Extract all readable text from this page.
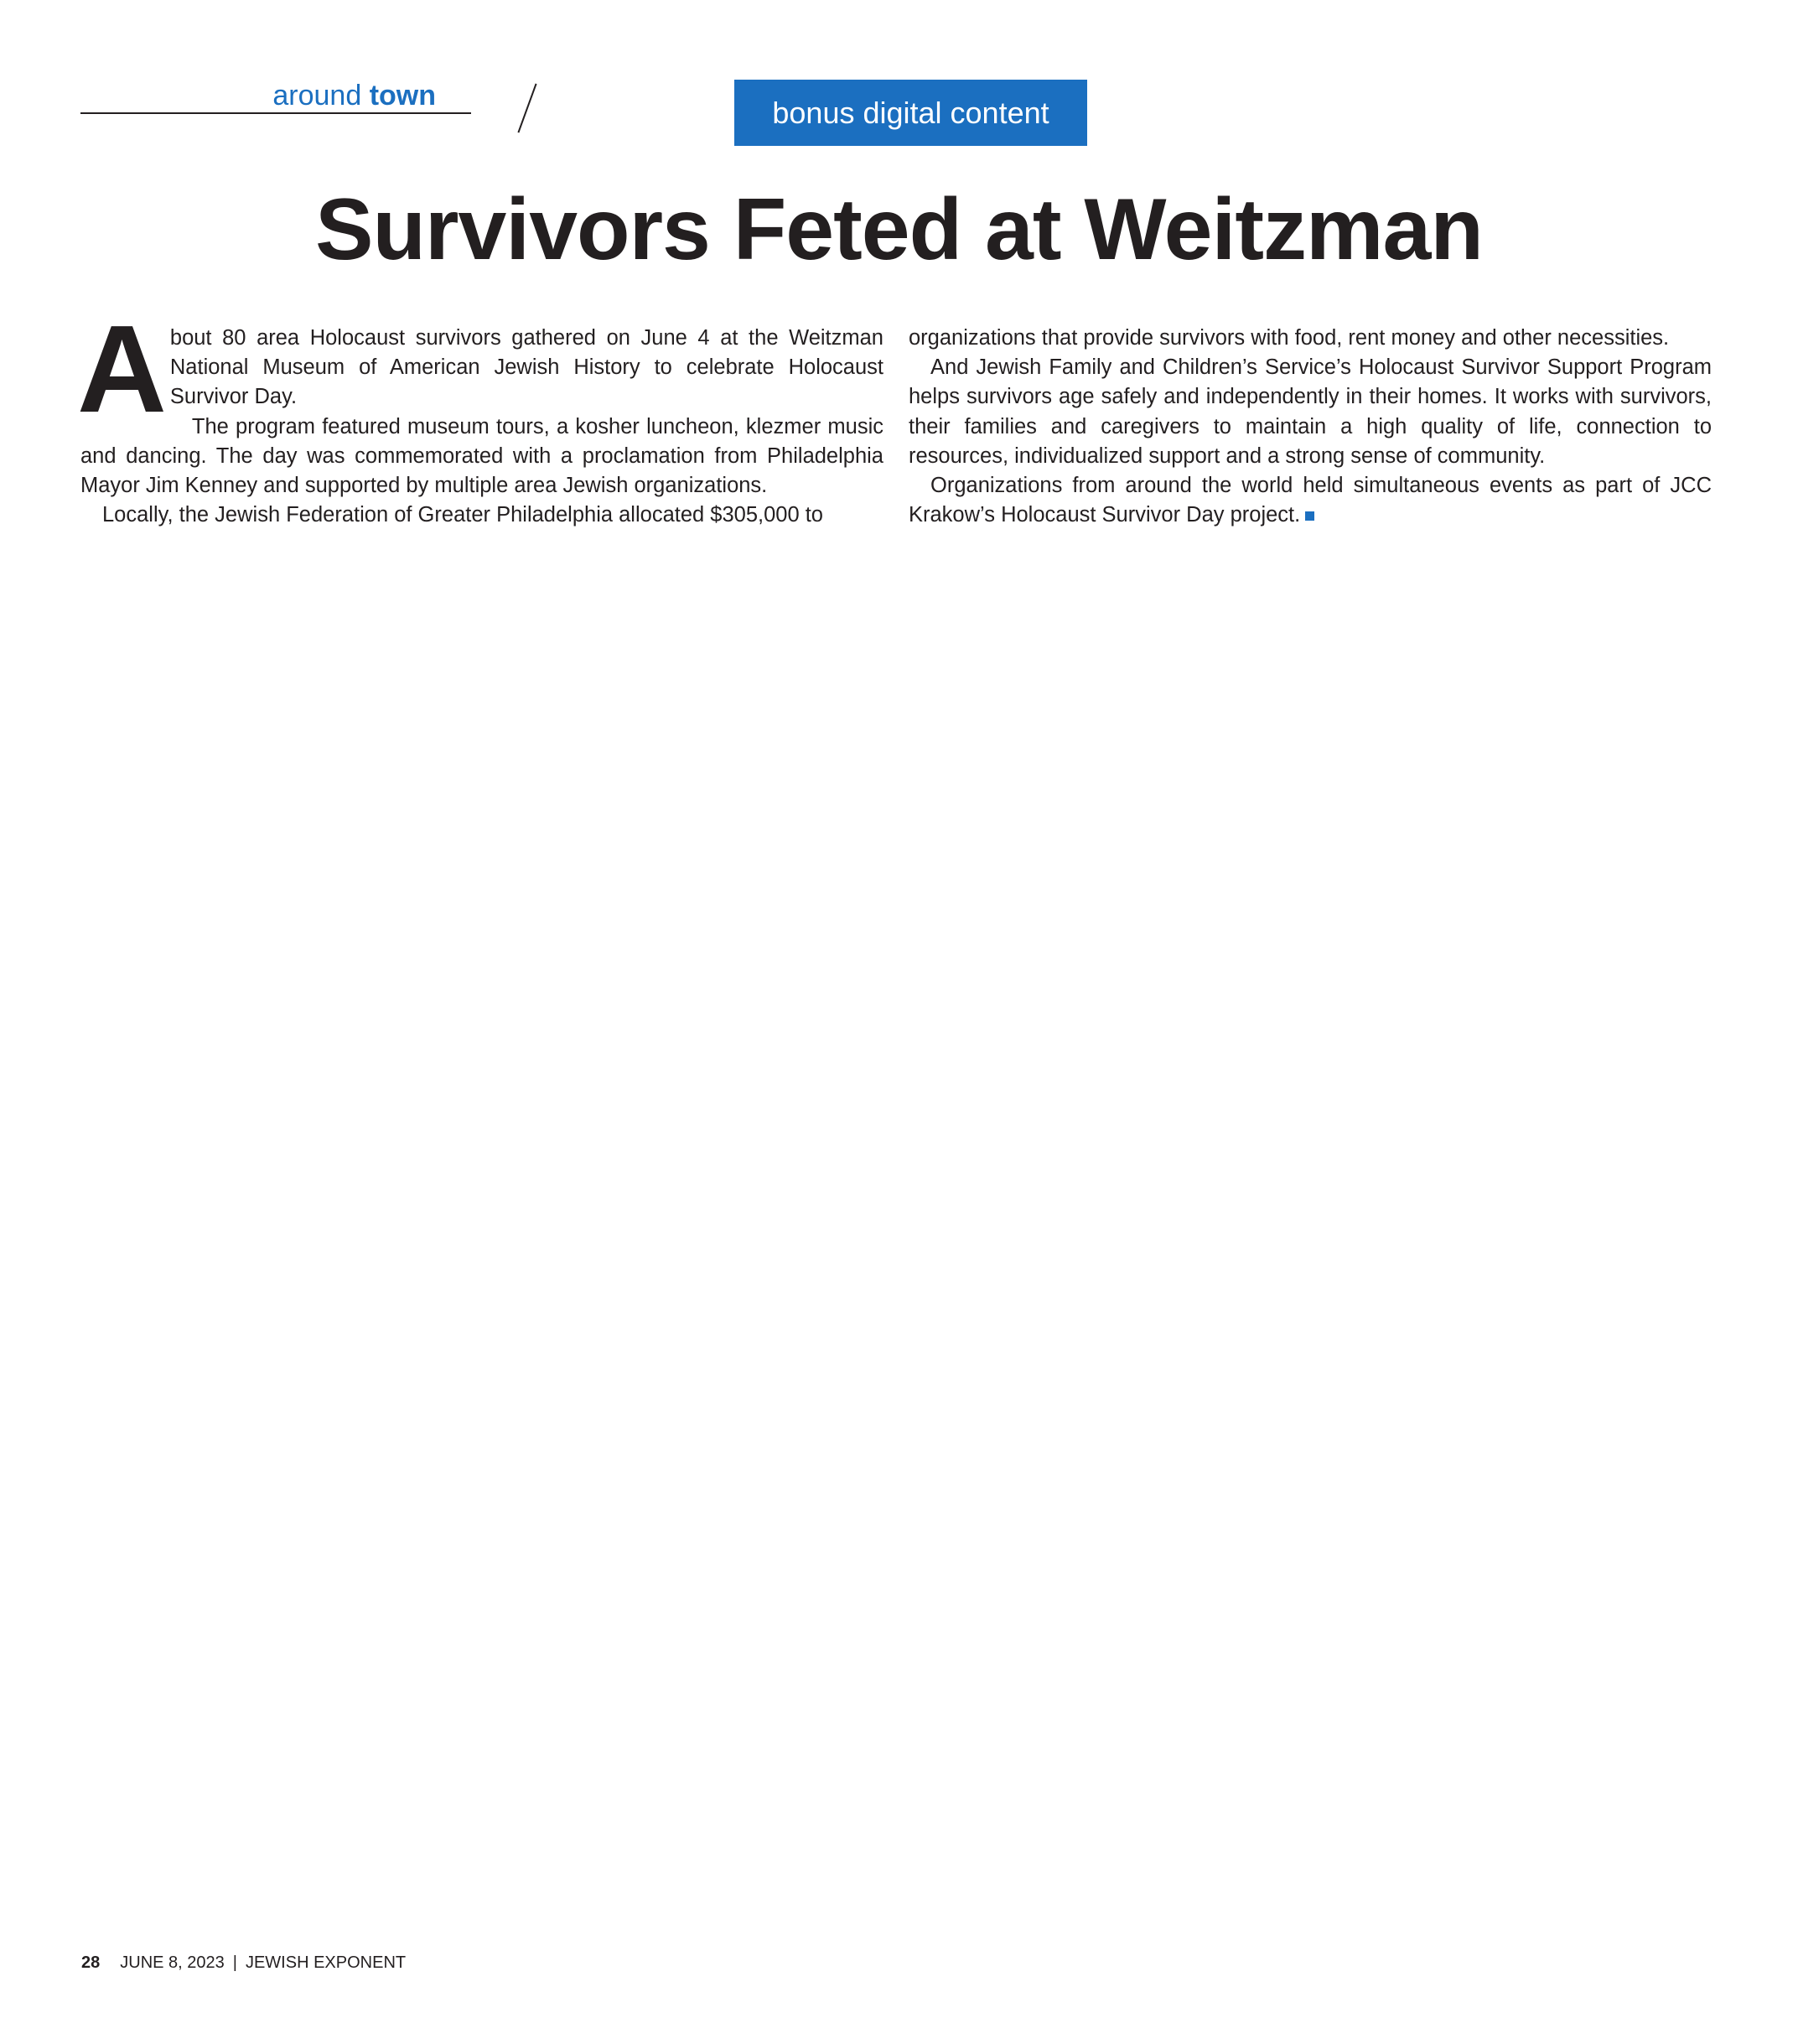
around town	bonus digital content
Survivors Feted at Weitzman

About 80 area Holocaust survivors gathered on June 4 at the Weitzman National Museum of American Jewish History to celebrate Holocaust Survivor Day.

The program featured museum tours, a kosher luncheon, klezmer music and dancing. The day was commemorated with a proclamation from Philadelphia Mayor Jim Kenney and supported by multiple area Jewish organizations.

Locally, the Jewish Federation of Greater Philadelphia allocated $305,000 to

organizations that provide survivors with food, rent money and other necessities.

And Jewish Family and Children’s Service’s Holocaust Survivor Support Program helps survivors age safely and independently in their homes. It works with survivors, their families and caregivers to maintain a high quality of life, connection to resources, individualized support and a strong sense of community.

Organizations from around the world held simultaneous events as part of JCC Krakow’s Holocaust Survivor Day project.

28 JUNE 8, 2023 | JEWISH EXPONENT
